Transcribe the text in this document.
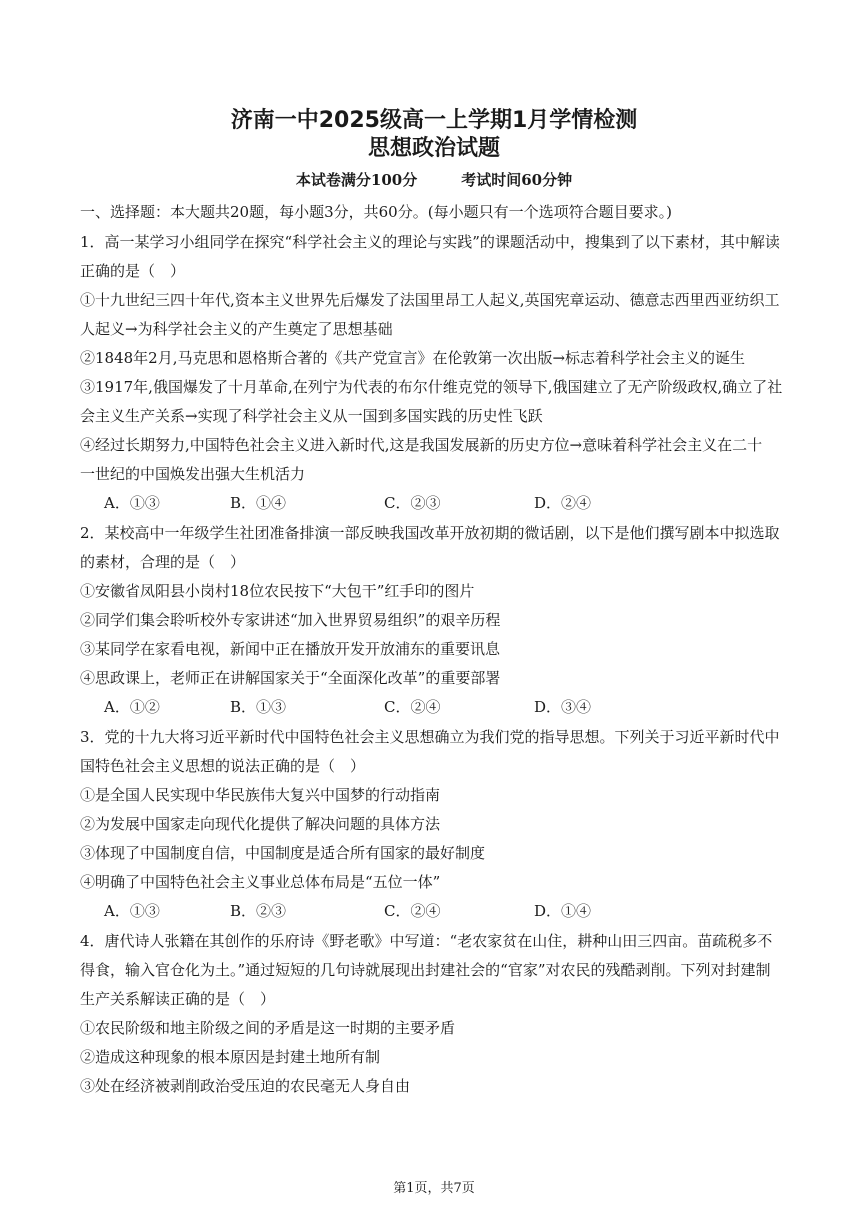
济南一中2025级高一上学期1月学情检测
思想政治试题
本试卷满分100分	考试时间60分钟
一、选择题：本大题共20题，每小题3分，共60分。(每小题只有一个选项符合题目要求。)
1．高一某学习小组同学在探究“科学社会主义的理论与实践”的课题活动中，搜集到了以下素材，其中解读
正确的是（　）
①十九世纪三四十年代,资本主义世界先后爆发了法国里昂工人起义,英国宪章运动、德意志西里西亚纺织工
人起义→为科学社会主义的产生奠定了思想基础
②1848年2月,马克思和恩格斯合著的《共产党宣言》在伦敦第一次出版→标志着科学社会主义的诞生
③1917年,俄国爆发了十月革命,在列宁为代表的布尔什维克党的领导下,俄国建立了无产阶级政权,确立了社
会主义生产关系→实现了科学社会主义从一国到多国实践的历史性飞跃
④经过长期努力,中国特色社会主义进入新时代,这是我国发展新的历史方位→意味着科学社会主义在二十
一世纪的中国焕发出强大生机活力
A．①③	B．①④	C．②③	D．②④
2．某校高中一年级学生社团准备排演一部反映我国改革开放初期的微话剧，以下是他们撰写剧本中拟选取
的素材，合理的是（　）
①安徽省凤阳县小岗村18位农民按下“大包干”红手印的图片
②同学们集会聆听校外专家讲述“加入世界贸易组织”的艰辛历程
③某同学在家看电视，新闻中正在播放开发开放浦东的重要讯息
④思政课上，老师正在讲解国家关于“全面深化改革”的重要部署
A．①②	B．①③	C．②④	D．③④
3．党的十九大将习近平新时代中国特色社会主义思想确立为我们党的指导思想。下列关于习近平新时代中
国特色社会主义思想的说法正确的是（　）
①是全国人民实现中华民族伟大复兴中国梦的行动指南
②为发展中国家走向现代化提供了解决问题的具体方法
③体现了中国制度自信，中国制度是适合所有国家的最好制度
④明确了中国特色社会主义事业总体布局是“五位一体”
A．①③	B．②③	C．②④	D．①④
4．唐代诗人张籍在其创作的乐府诗《野老歌》中写道：“老农家贫在山住，耕种山田三四亩。苗疏税多不
得食，输入官仓化为土。”通过短短的几句诗就展现出封建社会的“官家”对农民的残酷剥削。下列对封建制
生产关系解读正确的是（　）
①农民阶级和地主阶级之间的矛盾是这一时期的主要矛盾
②造成这种现象的根本原因是封建土地所有制
③处在经济被剥削政治受压迫的农民毫无人身自由
第1页，共7页
